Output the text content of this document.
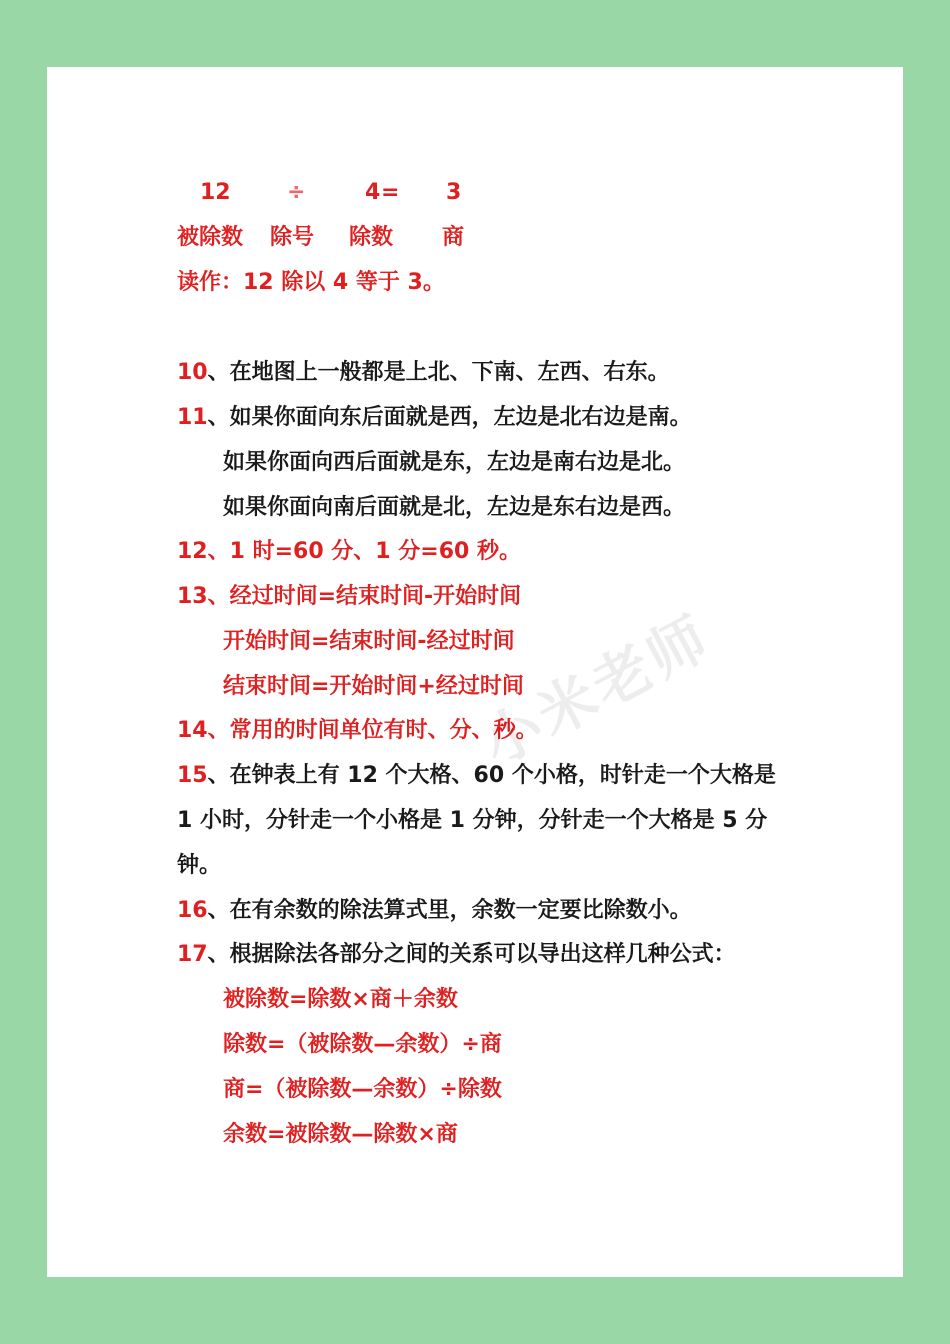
12	÷	4 = 3
被除数 除号 除数 商
读作：12 除以 4 等于 3。
10、在地图上一般都是上北、下南、左西、右东。
11、如果你面向东后面就是西，左边是北右边是南。
如果你面向西后面就是东，左边是南右边是北。
如果你面向南后面就是北，左边是东右边是西。
12、1 时=60 分、1 分=60 秒。
13、经过时间=结束时间-开始时间
开始时间=结束时间-经过时间
结束时间=开始时间+经过时间
14、常用的时间单位有时、分、秒。
15、在钟表上有 12 个大格、60 个小格，时针走一个大格是
1 小时，分针走一个小格是 1 分钟，分针走一个大格是 5 分
钟。
16、在有余数的除法算式里，余数一定要比除数小。
17、根据除法各部分之间的关系可以导出这样几种公式：
被除数=除数×商＋余数
除数=（被除数—余数）÷商
商=（被除数—余数）÷除数
余数=被除数—除数×商
小米老师
